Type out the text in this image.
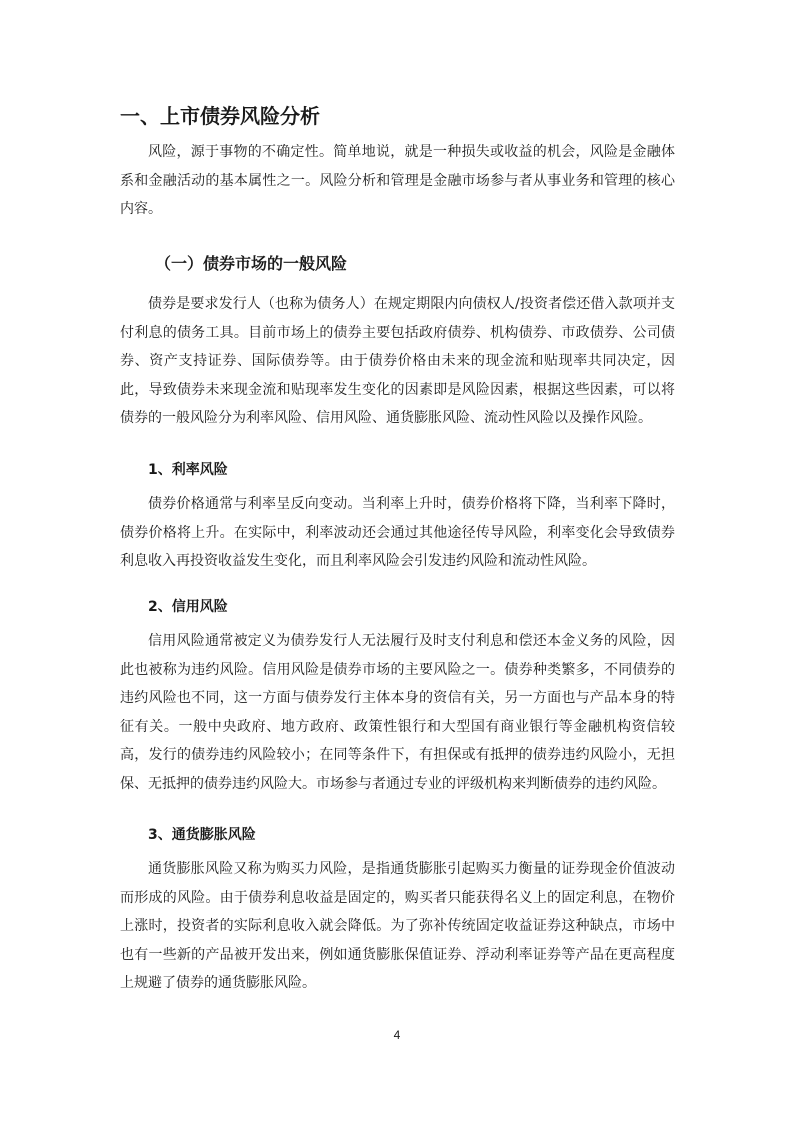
一、上市债券风险分析

风险，源于事物的不确定性。简单地说，就是一种损失或收益的机会，风险是金融体系和金融活动的基本属性之一。风险分析和管理是金融市场参与者从事业务和管理的核心内容。

（一）债券市场的一般风险

债券是要求发行人（也称为债务人）在规定期限内向债权人/投资者偿还借入款项并支付利息的债务工具。目前市场上的债券主要包括政府债券、机构债券、市政债券、公司债券、资产支持证券、国际债券等。由于债券价格由未来的现金流和贴现率共同决定，因此，导致债券未来现金流和贴现率发生变化的因素即是风险因素，根据这些因素，可以将债券的一般风险分为利率风险、信用风险、通货膨胀风险、流动性风险以及操作风险。

1、利率风险

债券价格通常与利率呈反向变动。当利率上升时，债券价格将下降，当利率下降时，债券价格将上升。在实际中，利率波动还会通过其他途径传导风险，利率变化会导致债券利息收入再投资收益发生变化，而且利率风险会引发违约风险和流动性风险。

2、信用风险

信用风险通常被定义为债券发行人无法履行及时支付利息和偿还本金义务的风险，因此也被称为违约风险。信用风险是债券市场的主要风险之一。债券种类繁多，不同债券的违约风险也不同，这一方面与债券发行主体本身的资信有关，另一方面也与产品本身的特征有关。一般中央政府、地方政府、政策性银行和大型国有商业银行等金融机构资信较高，发行的债券违约风险较小；在同等条件下，有担保或有抵押的债券违约风险小，无担保、无抵押的债券违约风险大。市场参与者通过专业的评级机构来判断债券的违约风险。

3、通货膨胀风险

通货膨胀风险又称为购买力风险，是指通货膨胀引起购买力衡量的证券现金价值波动而形成的风险。由于债券利息收益是固定的，购买者只能获得名义上的固定利息，在物价上涨时，投资者的实际利息收入就会降低。为了弥补传统固定收益证券这种缺点，市场中也有一些新的产品被开发出来，例如通货膨胀保值证券、浮动利率证券等产品在更高程度上规避了债券的通货膨胀风险。

4
